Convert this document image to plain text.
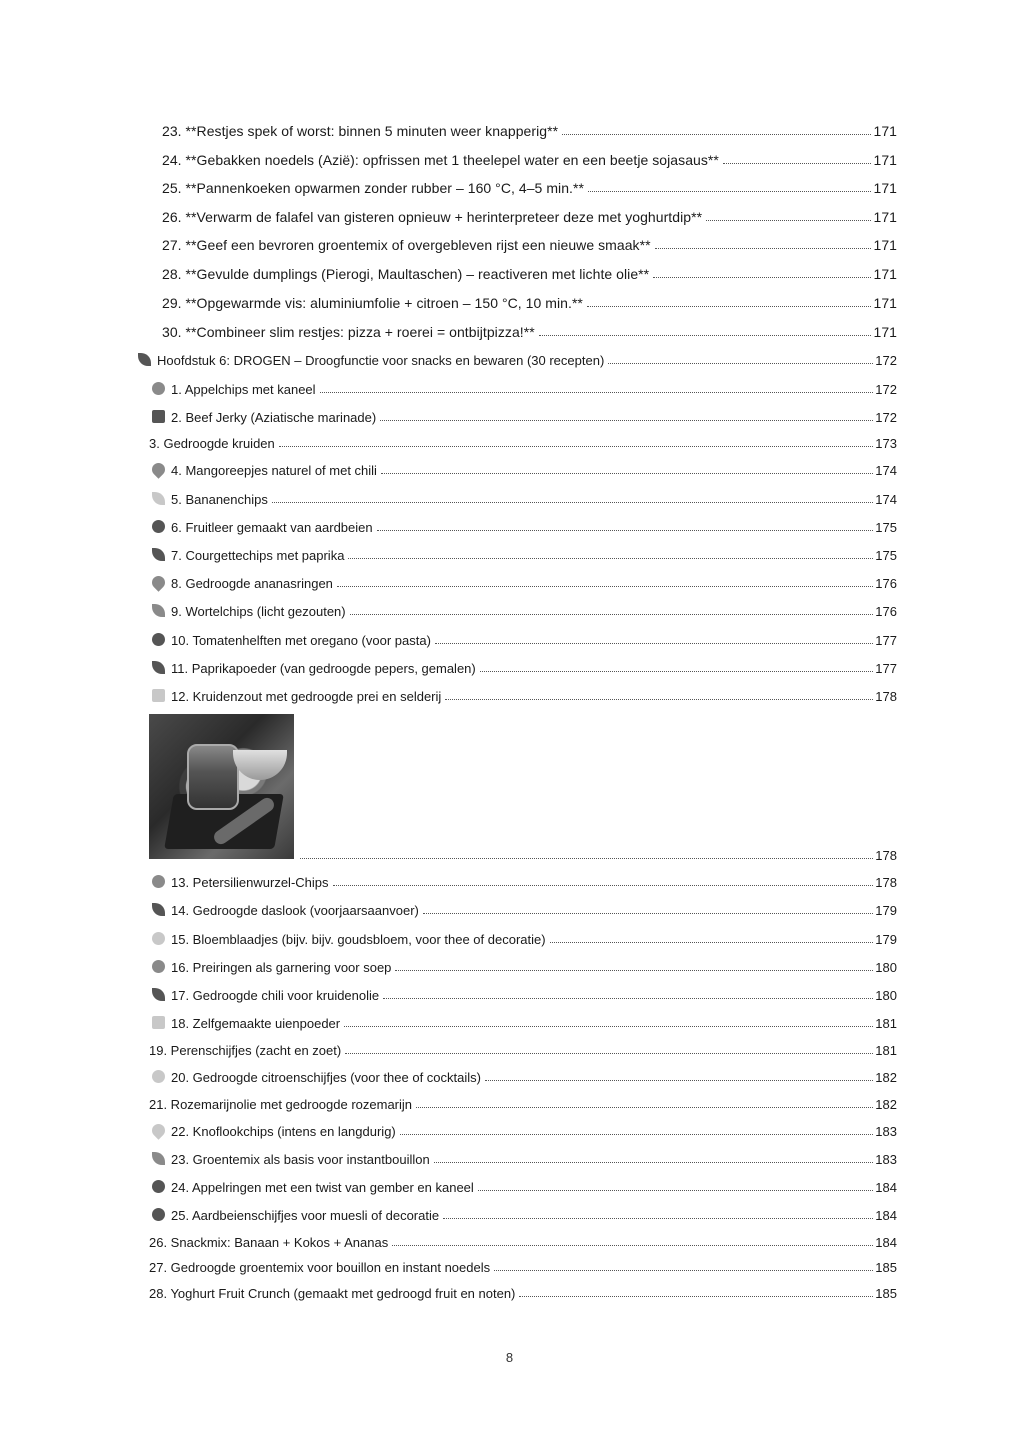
23. **Restjes spek of worst: binnen 5 minuten weer knapperig**	171
24. **Gebakken noedels (Azië): opfrissen met 1 theelepel water en een beetje sojasaus**	171
25. **Pannenkoeken opwarmen zonder rubber – 160 °C, 4–5 min.**	171
26. **Verwarm de falafel van gisteren opnieuw + herinterpreteer deze met yoghurtdip**	171
27. **Geef een bevroren groentemix of overgebleven rijst een nieuwe smaak**	171
28. **Gevulde dumplings (Pierogi, Maultaschen) – reactiveren met lichte olie**	171
29. **Opgewarmde vis: aluminiumfolie + citroen – 150 °C, 10 min.**	171
30. **Combineer slim restjes: pizza + roerei = ontbijtpizza!**	171
Hoofdstuk 6: DROGEN – Droogfunctie voor snacks en bewaren (30 recepten)	172
1. Appelchips met kaneel	172
2. Beef Jerky (Aziatische marinade)	172
3. Gedroogde kruiden	173
4. Mangoreepjes naturel of met chili	174
5. Bananenchips	174
6. Fruitleer gemaakt van aardbeien	175
7. Courgettechips met paprika	175
8. Gedroogde ananasringen	176
9. Wortelchips (licht gezouten)	176
10. Tomatenhelften met oregano (voor pasta)	177
11. Paprikapoeder (van gedroogde pepers, gemalen)	177
12. Kruidenzout met gedroogde prei en selderij	178
178
13. Petersilienwurzel-Chips	178
14. Gedroogde daslook (voorjaarsaanvoer)	179
15. Bloemblaadjes (bijv. bijv. goudsbloem, voor thee of decoratie)	179
16. Preiringen als garnering voor soep	180
17. Gedroogde chili voor kruidenolie	180
18. Zelfgemaakte uienpoeder	181
19. Perenschijfjes (zacht en zoet)	181
20. Gedroogde citroenschijfjes (voor thee of cocktails)	182
21. Rozemarijnolie met gedroogde rozemarijn	182
22. Knoflookchips (intens en langdurig)	183
23. Groentemix als basis voor instantbouillon	183
24. Appelringen met een twist van gember en kaneel	184
25. Aardbeienschijfjes voor muesli of decoratie	184
26. Snackmix: Banaan + Kokos + Ananas	184
27. Gedroogde groentemix voor bouillon en instant noedels	185
28. Yoghurt Fruit Crunch (gemaakt met gedroogd fruit en noten)	185
8
